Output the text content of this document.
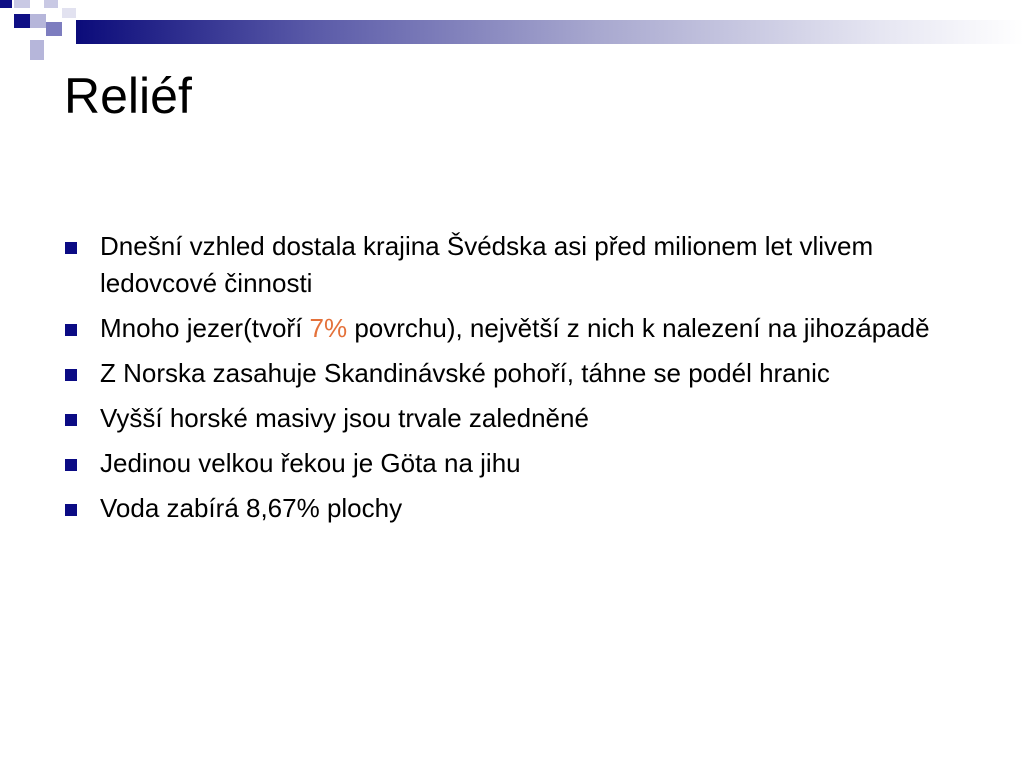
Reliéf
Dnešní vzhled dostala krajina Švédska asi před milionem let vlivem ledovcové činnosti
Mnoho jezer(tvoří 7% povrchu), největší z nich k nalezení na jihozápadě
Z Norska zasahuje Skandinávské pohoří, táhne se podél hranic
Vyšší horské masivy jsou trvale zaledněné
Jedinou velkou řekou je Göta na jihu
Voda zabírá 8,67% plochy
